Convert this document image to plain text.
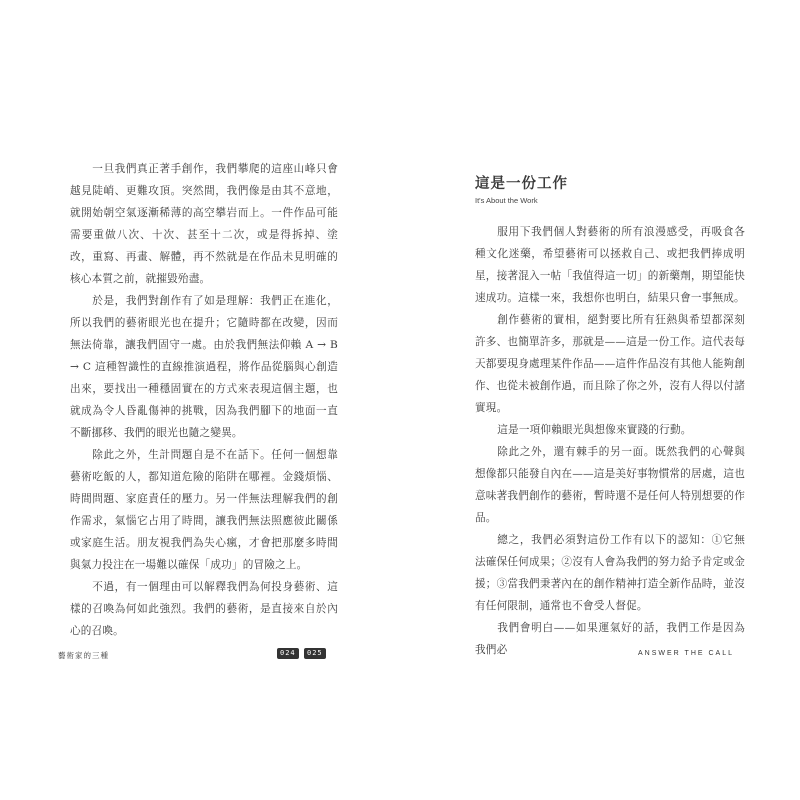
一旦我們真正著手創作，我們攀爬的這座山峰只會越見陡峭、更難攻頂。突然間，我們像是由其不意地，就開始朝空氣逐漸稀薄的高空攀岩而上。一件作品可能需要重做八次、十次、甚至十二次，或是得拆掉、塗改，重寫、再畫、解體，再不然就是在作品未見明確的核心本質之前，就摧毀殆盡。

於是，我們對創作有了如是理解：我們正在進化，所以我們的藝術眼光也在提升；它隨時都在改變，因而無法倚靠，讓我們固守一處。由於我們無法仰賴 A → B → C 這種智識性的直線推演過程，將作品從腦與心創造出來，要找出一種穩固實在的方式來表現這個主題，也就成為令人昏亂傷神的挑戰，因為我們腳下的地面一直不斷挪移、我們的眼光也隨之變異。

除此之外，生計問題自是不在話下。任何一個想靠藝術吃飯的人，都知道危險的陷阱在哪裡。金錢煩惱、時間問題、家庭責任的壓力。另一伴無法理解我們的創作需求，氣惱它占用了時間，讓我們無法照應彼此關係或家庭生活。朋友視我們為失心瘋，才會把那麼多時間與氣力投注在一場難以確保「成功」的冒險之上。

不過，有一個理由可以解釋我們為何投身藝術、這樣的召喚為何如此強烈。我們的藝術，是直接來自於內心的召喚。

這是一份工作
It's About the Work

服用下我們個人對藝術的所有浪漫感受，再吸食各種文化迷藥，希望藝術可以拯救自己、或把我們捧成明星，接著混入一帖「我值得這一切」的新藥劑，期望能快速成功。這樣一來，我想你也明白，結果只會一事無成。

創作藝術的實相，絕對要比所有狂熱與希望都深刻許多、也簡單許多，那就是——這是一份工作。這代表每天都要現身處理某件作品——這件作品沒有其他人能夠創作、也從未被創作過，而且除了你之外，沒有人得以付諸實現。

這是一項仰賴眼光與想像來實踐的行動。

除此之外，還有棘手的另一面。既然我們的心聲與想像都只能發自內在——這是美好事物慣常的居處，這也意味著我們創作的藝術，暫時還不是任何人特別想要的作品。

總之，我們必須對這份工作有以下的認知：①它無法確保任何成果；②沒有人會為我們的努力給予肯定或金援；③當我們秉著內在的創作精神打造全新作品時，並沒有任何限制，通常也不會受人督促。

我們會明白——如果運氣好的話，我們工作是因為我們必

藝術家的三種	024	025	ANSWER THE CALL
